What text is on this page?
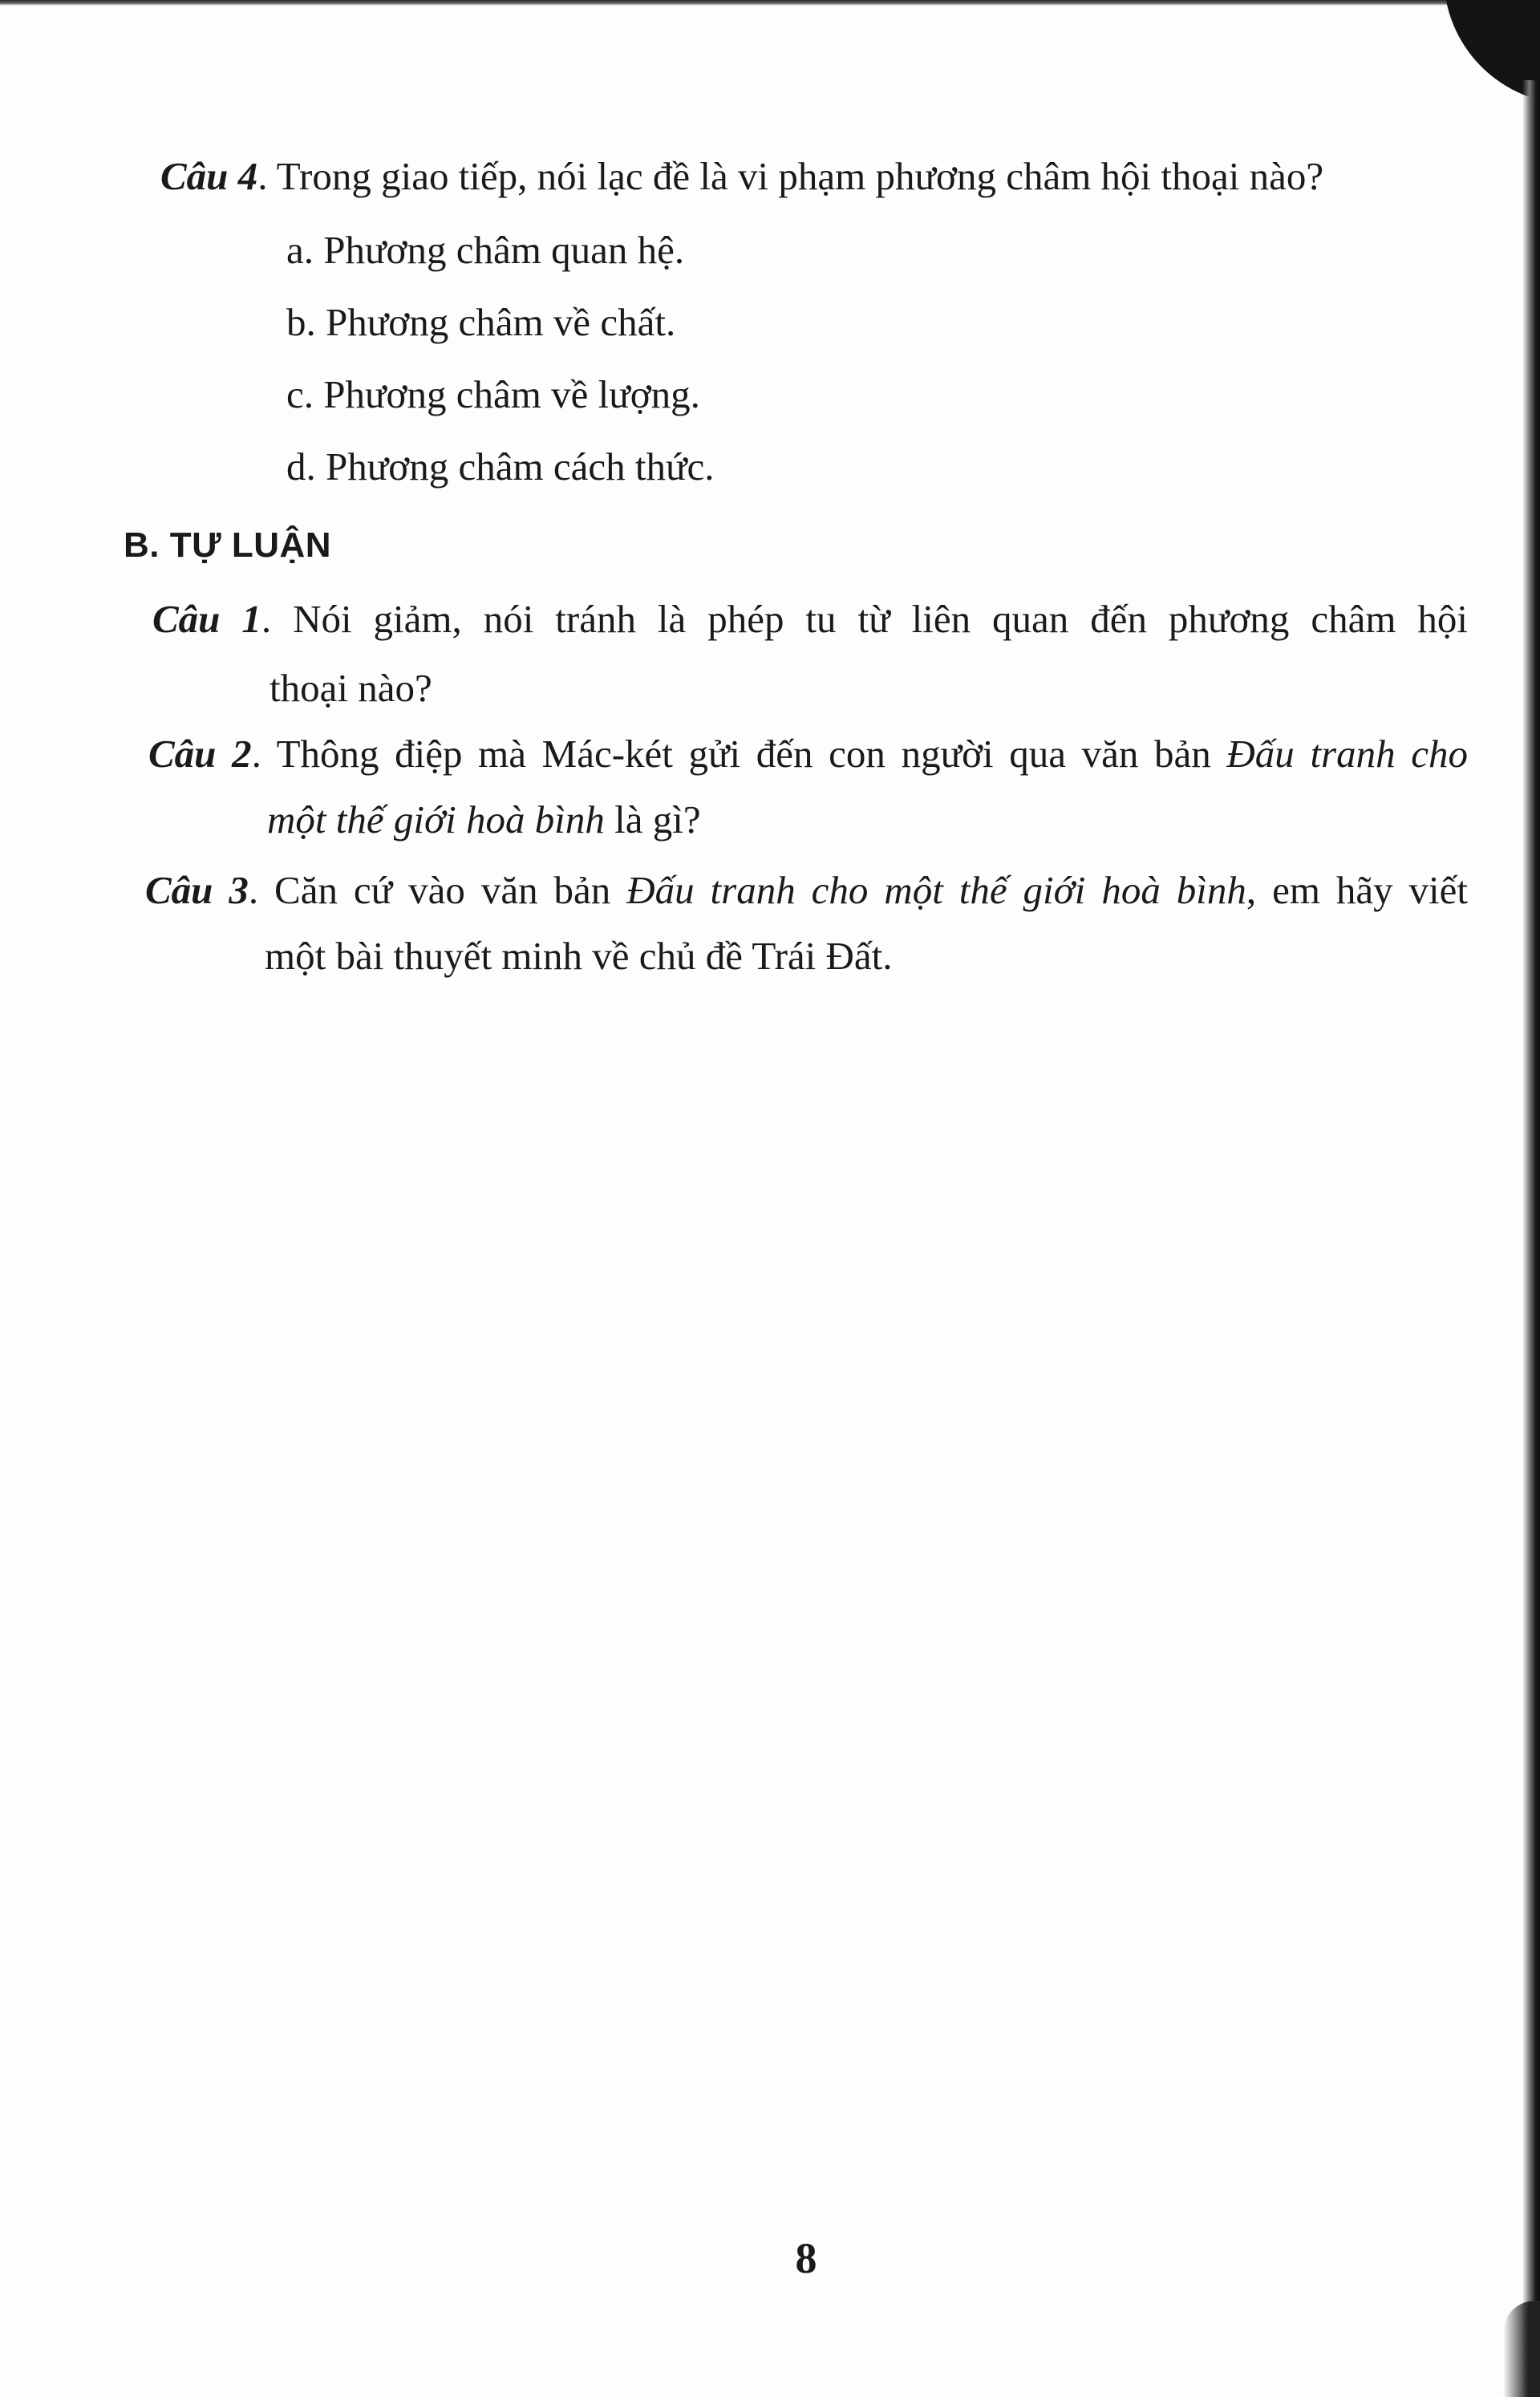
Câu 4. Trong giao tiếp, nói lạc đề là vi phạm phương châm hội thoại nào?
a. Phương châm quan hệ.
b. Phương châm về chất.
c. Phương châm về lượng.
d. Phương châm cách thức.
B. TỰ LUẬN
Câu 1. Nói giảm, nói tránh là phép tu từ liên quan đến phương châm hội
thoại nào?
Câu 2. Thông điệp mà Mác-két gửi đến con người qua văn bản Đấu tranh cho
một thế giới hoà bình là gì?
Câu 3. Căn cứ vào văn bản Đấu tranh cho một thế giới hoà bình, em hãy viết
một bài thuyết minh về chủ đề Trái Đất.
8
